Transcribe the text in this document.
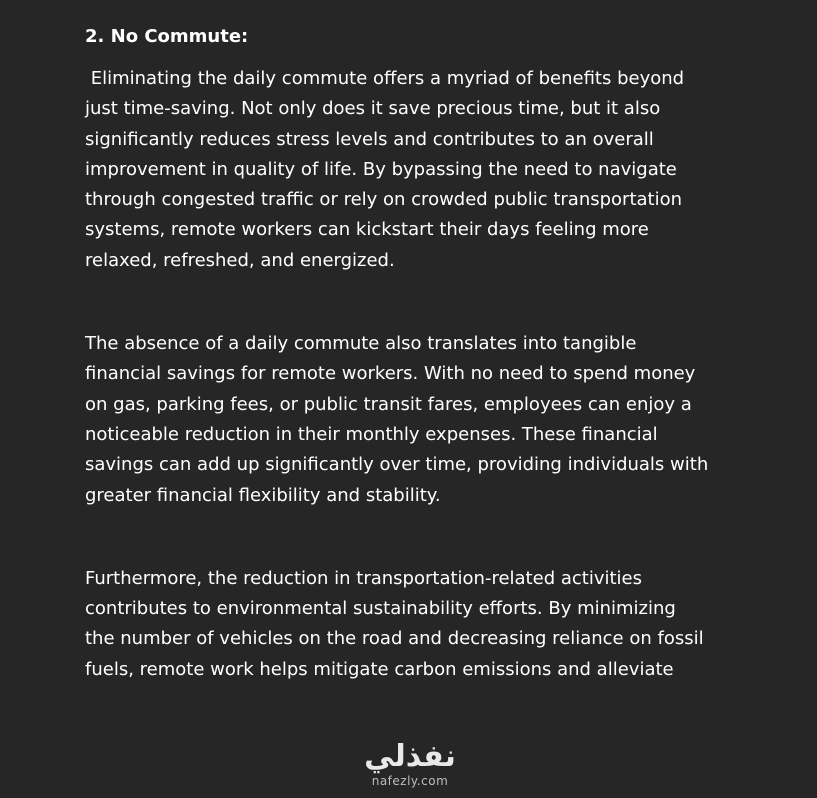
2. No Commute:

Eliminating the daily commute offers a myriad of benefits beyond
just time-saving. Not only does it save precious time, but it also
significantly reduces stress levels and contributes to an overall
improvement in quality of life. By bypassing the need to navigate
through congested traffic or rely on crowded public transportation
systems, remote workers can kickstart their days feeling more
relaxed, refreshed, and energized.

The absence of a daily commute also translates into tangible
financial savings for remote workers. With no need to spend money
on gas, parking fees, or public transit fares, employees can enjoy a
noticeable reduction in their monthly expenses. These financial
savings can add up significantly over time, providing individuals with
greater financial flexibility and stability.

Furthermore, the reduction in transportation-related activities
contributes to environmental sustainability efforts. By minimizing
the number of vehicles on the road and decreasing reliance on fossil
fuels, remote work helps mitigate carbon emissions and alleviate

نفذلي
nafezly.com
